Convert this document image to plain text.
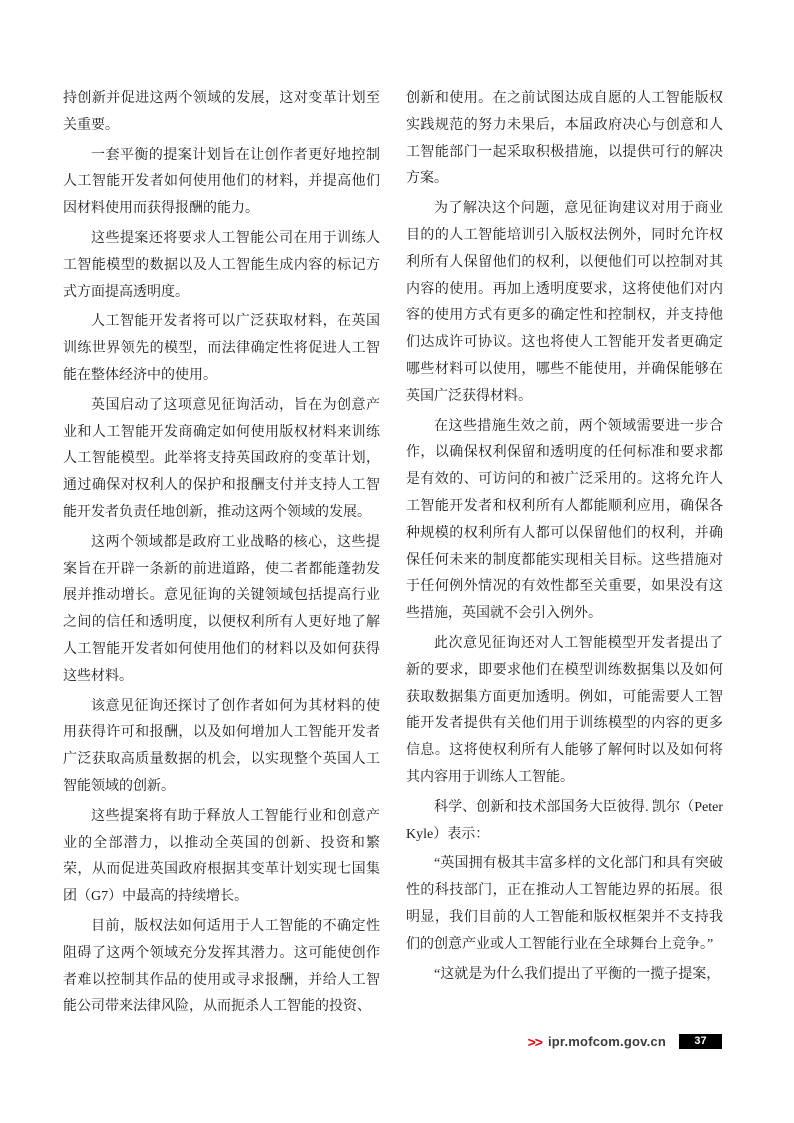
持创新并促进这两个领域的发展，这对变革计划至关重要。

一套平衡的提案计划旨在让创作者更好地控制人工智能开发者如何使用他们的材料，并提高他们因材料使用而获得报酬的能力。

这些提案还将要求人工智能公司在用于训练人工智能模型的数据以及人工智能生成内容的标记方式方面提高透明度。

人工智能开发者将可以广泛获取材料，在英国训练世界领先的模型，而法律确定性将促进人工智能在整体经济中的使用。

英国启动了这项意见征询活动，旨在为创意产业和人工智能开发商确定如何使用版权材料来训练人工智能模型。此举将支持英国政府的变革计划，通过确保对权利人的保护和报酬支付并支持人工智能开发者负责任地创新，推动这两个领域的发展。

这两个领域都是政府工业战略的核心，这些提案旨在开辟一条新的前进道路，使二者都能蓬勃发展并推动增长。意见征询的关键领域包括提高行业之间的信任和透明度，以便权利所有人更好地了解人工智能开发者如何使用他们的材料以及如何获得这些材料。

该意见征询还探讨了创作者如何为其材料的使用获得许可和报酬，以及如何增加人工智能开发者广泛获取高质量数据的机会，以实现整个英国人工智能领域的创新。

这些提案将有助于释放人工智能行业和创意产业的全部潜力，以推动全英国的创新、投资和繁荣，从而促进英国政府根据其变革计划实现七国集团（G7）中最高的持续增长。

目前，版权法如何适用于人工智能的不确定性阻碍了这两个领域充分发挥其潜力。这可能使创作者难以控制其作品的使用或寻求报酬，并给人工智能公司带来法律风险，从而扼杀人工智能的投资、

创新和使用。在之前试图达成自愿的人工智能版权实践规范的努力未果后，本届政府决心与创意和人工智能部门一起采取积极措施，以提供可行的解决方案。

为了解决这个问题，意见征询建议对用于商业目的的人工智能培训引入版权法例外，同时允许权利所有人保留他们的权利，以便他们可以控制对其内容的使用。再加上透明度要求，这将使他们对内容的使用方式有更多的确定性和控制权，并支持他们达成许可协议。这也将使人工智能开发者更确定哪些材料可以使用，哪些不能使用，并确保能够在英国广泛获得材料。

在这些措施生效之前，两个领域需要进一步合作，以确保权利保留和透明度的任何标准和要求都是有效的、可访问的和被广泛采用的。这将允许人工智能开发者和权利所有人都能顺利应用，确保各种规模的权利所有人都可以保留他们的权利，并确保任何未来的制度都能实现相关目标。这些措施对于任何例外情况的有效性都至关重要，如果没有这些措施，英国就不会引入例外。

此次意见征询还对人工智能模型开发者提出了新的要求，即要求他们在模型训练数据集以及如何获取数据集方面更加透明。例如，可能需要人工智能开发者提供有关他们用于训练模型的内容的更多信息。这将使权利所有人能够了解何时以及如何将其内容用于训练人工智能。

科学、创新和技术部国务大臣彼得. 凯尔（Peter Kyle）表示：

“英国拥有极其丰富多样的文化部门和具有突破性的科技部门，正在推动人工智能边界的拓展。很明显，我们目前的人工智能和版权框架并不支持我们的创意产业或人工智能行业在全球舞台上竞争。”

“这就是为什么我们提出了平衡的一揽子提案，

>> ipr.mofcom.gov.cn	37
